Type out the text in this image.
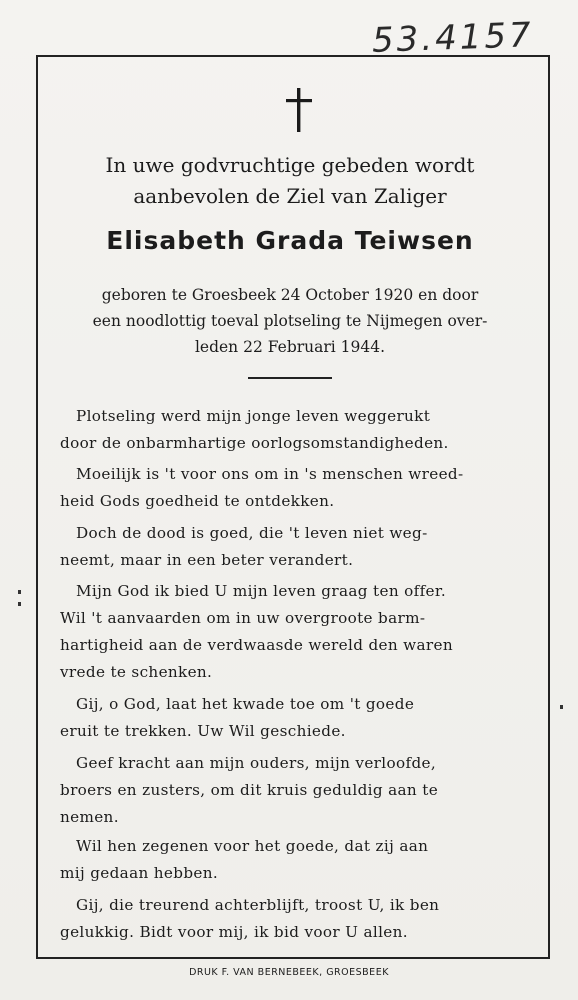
53.4157
In uwe godvruchtige gebeden wordt
aanbevolen de Ziel van Zaliger
Elisabeth Grada Teiwsen
geboren te Groesbeek 24 October 1920 en door
een noodlottig toeval plotseling te Nijmegen over-
leden 22 Februari 1944.
Plotseling werd mijn jonge leven weggerukt
door de onbarmhartige oorlogsomstandigheden.
Moeilijk is 't voor ons om in 's menschen wreed-
heid Gods goedheid te ontdekken.
Doch de dood is goed, die 't leven niet weg-
neemt, maar in een beter verandert.
Mijn God ik bied U mijn leven graag ten offer.
Wil 't aanvaarden om in uw overgroote barm-
hartigheid aan de verdwaasde wereld den waren
vrede te schenken.
Gij, o God, laat het kwade toe om 't goede
eruit te trekken. Uw Wil geschiede.
Geef kracht aan mijn ouders, mijn verloofde,
broers en zusters, om dit kruis geduldig aan te
nemen.
Wil hen zegenen voor het goede, dat zij aan
mij gedaan hebben.
Gij, die treurend achterblijft, troost U, ik ben
gelukkig. Bidt voor mij, ik bid voor U allen.
DRUK F. VAN BERNEBEEK, GROESBEEK
